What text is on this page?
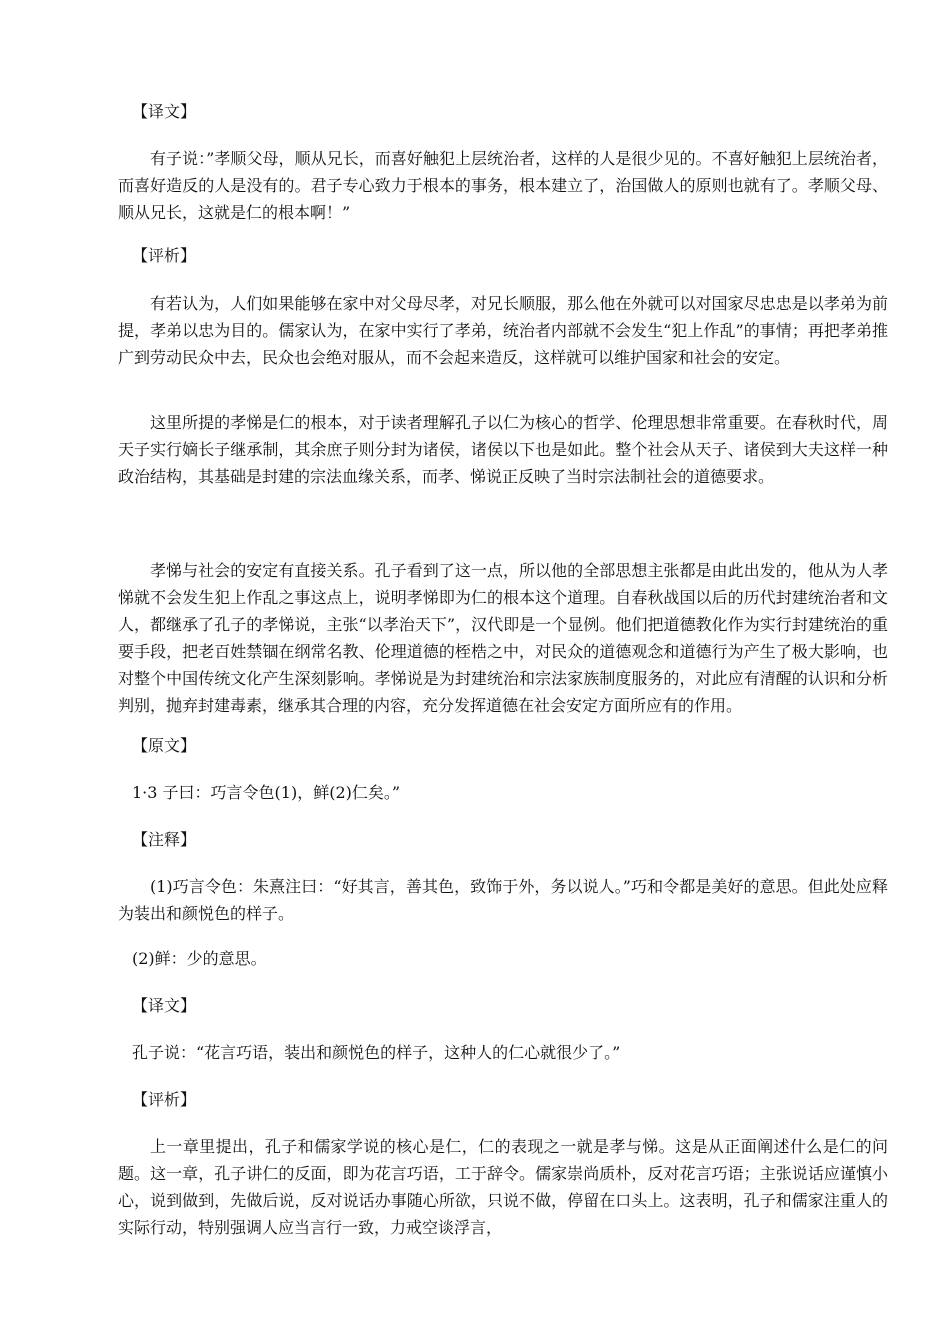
【译文】

有子说：”孝顺父母，顺从兄长，而喜好触犯上层统治者，这样的人是很少见的。不喜好触犯上层统治者，而喜好造反的人是没有的。君子专心致力于根本的事务，根本建立了，治国做人的原则也就有了。孝顺父母、顺从兄长，这就是仁的根本啊！”

【评析】

有若认为，人们如果能够在家中对父母尽孝，对兄长顺服，那么他在外就可以对国家尽忠忠是以孝弟为前提，孝弟以忠为目的。儒家认为，在家中实行了孝弟，统治者内部就不会发生“犯上作乱”的事情；再把孝弟推广到劳动民众中去，民众也会绝对服从，而不会起来造反，这样就可以维护国家和社会的安定。

这里所提的孝悌是仁的根本，对于读者理解孔子以仁为核心的哲学、伦理思想非常重要。在春秋时代，周天子实行嫡长子继承制，其余庶子则分封为诸侯，诸侯以下也是如此。整个社会从天子、诸侯到大夫这样一种政治结构，其基础是封建的宗法血缘关系，而孝、悌说正反映了当时宗法制社会的道德要求。

孝悌与社会的安定有直接关系。孔子看到了这一点，所以他的全部思想主张都是由此出发的，他从为人孝悌就不会发生犯上作乱之事这点上，说明孝悌即为仁的根本这个道理。自春秋战国以后的历代封建统治者和文人，都继承了孔子的孝悌说，主张“以孝治天下”，汉代即是一个显例。他们把道德教化作为实行封建统治的重要手段，把老百姓禁锢在纲常名教、伦理道德的桎梏之中，对民众的道德观念和道德行为产生了极大影响，也对整个中国传统文化产生深刻影响。孝悌说是为封建统治和宗法家族制度服务的，对此应有清醒的认识和分析判别，抛弃封建毒素，继承其合理的内容，充分发挥道德在社会安定方面所应有的作用。

【原文】

1·3 子曰：巧言令色(1)，鲜(2)仁矣。”

【注释】

(1)巧言令色：朱熹注曰：“好其言，善其色，致饰于外，务以说人。”巧和令都是美好的意思。但此处应释为装出和颜悦色的样子。

(2)鲜：少的意思。

【译文】

孔子说：“花言巧语，装出和颜悦色的样子，这种人的仁心就很少了。”

【评析】

上一章里提出，孔子和儒家学说的核心是仁，仁的表现之一就是孝与悌。这是从正面阐述什么是仁的问题。这一章，孔子讲仁的反面，即为花言巧语，工于辞令。儒家崇尚质朴，反对花言巧语；主张说话应谨慎小心，说到做到，先做后说，反对说话办事随心所欲，只说不做，停留在口头上。这表明，孔子和儒家注重人的实际行动，特别强调人应当言行一致，力戒空谈浮言，
